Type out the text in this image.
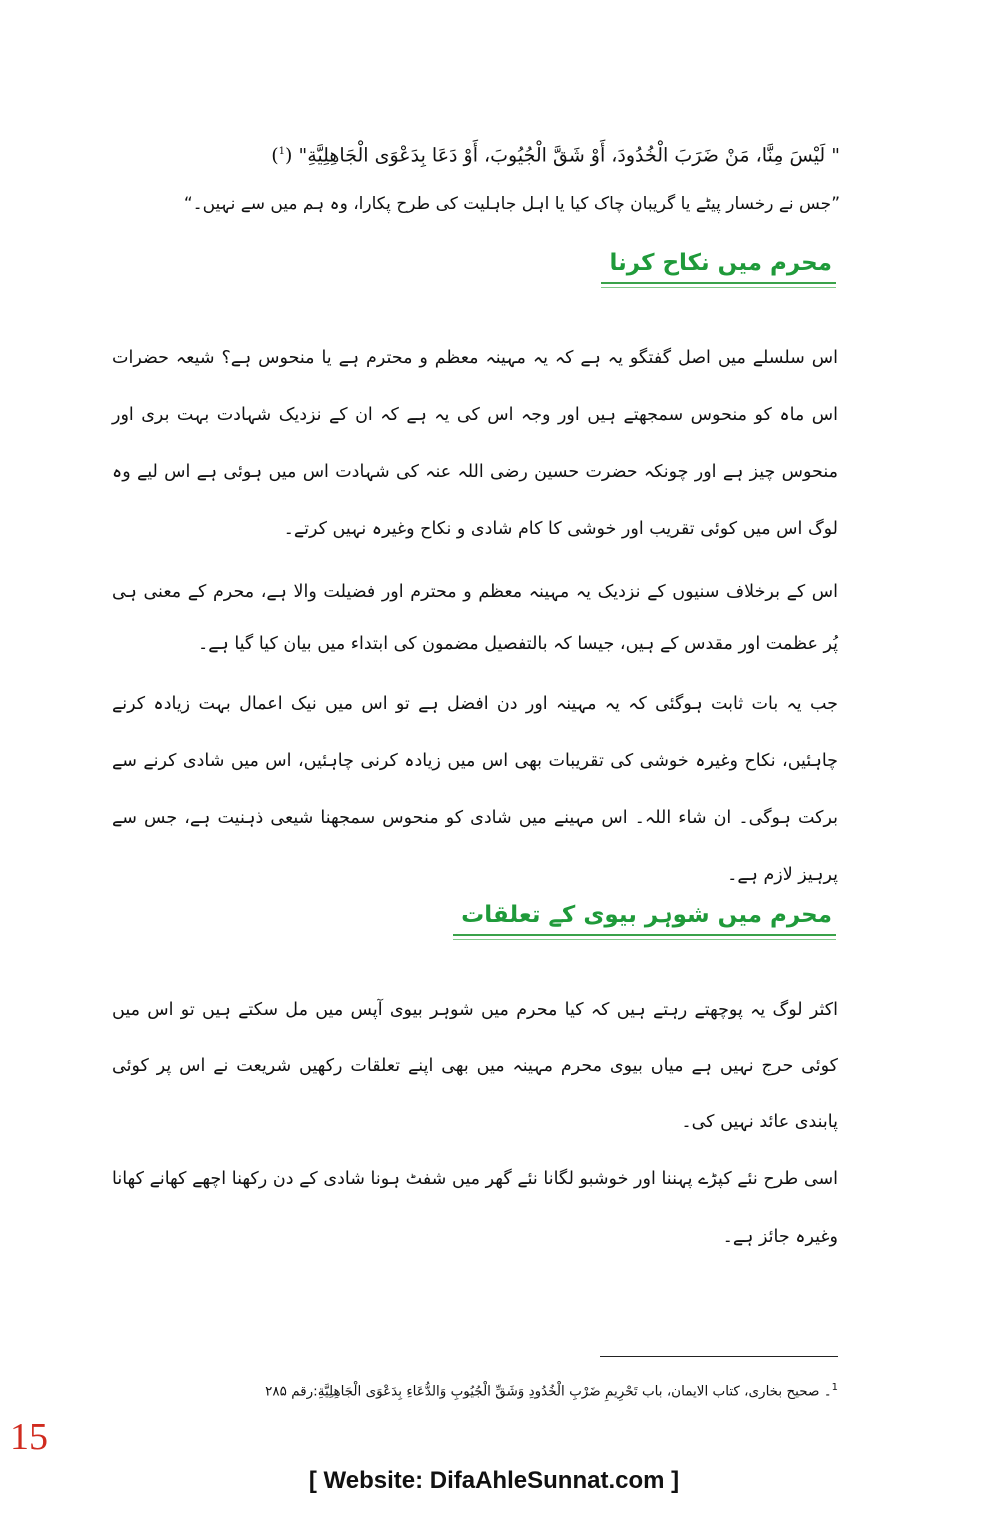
" لَيْسَ مِنَّا، مَنْ ضَرَبَ الْخُدُودَ، أَوْ شَقَّ الْجُيُوبَ، أَوْ دَعَا بِدَعْوَى الْجَاهِلِيَّةِ" ($^1$)
”جس نے رخسار پیٹے یا گریبان چاک کیا یا اہل جاہلیت کی طرح پکارا، وہ ہم میں سے نہیں۔“
محرم میں نکاح کرنا

اس سلسلے میں اصل گفتگو یہ ہے کہ یہ مہینہ معظم و محترم ہے یا منحوس ہے؟ شیعہ حضرات اس ماہ کو منحوس سمجھتے ہیں اور وجہ اس کی یہ ہے کہ ان کے نزدیک شہادت بہت بری اور منحوس چیز ہے اور چونکہ حضرت حسین رضی اللہ عنہ کی شہادت اس میں ہوئی ہے اس لیے وہ لوگ اس میں کوئی تقریب اور خوشی کا کام شادی و نکاح وغیرہ نہیں کرتے۔

اس کے برخلاف سنیوں کے نزدیک یہ مہینہ معظم و محترم اور فضیلت والا ہے، محرم کے معنی ہی پُر عظمت اور مقدس کے ہیں، جیسا کہ بالتفصیل مضمون کی ابتداء میں بیان کیا گیا ہے۔

جب یہ بات ثابت ہوگئی کہ یہ مہینہ اور دن افضل ہے تو اس میں نیک اعمال بہت زیادہ کرنے چاہئیں، نکاح وغیرہ خوشی کی تقریبات بھی اس میں زیادہ کرنی چاہئیں، اس میں شادی کرنے سے برکت ہوگی۔ ان شاء اللہ۔ اس مہینے میں شادی کو منحوس سمجھنا شیعی ذہنیت ہے، جس سے پرہیز لازم ہے۔

محرم میں شوہر بیوی کے تعلقات

اکثر لوگ یہ پوچھتے رہتے ہیں کہ کیا محرم میں شوہر بیوی آپس میں مل سکتے ہیں تو اس میں کوئی حرج نہیں ہے میاں بیوی محرم مہینہ میں بھی اپنے تعلقات رکھیں شریعت نے اس پر کوئی پابندی عائد نہیں کی۔

اسی طرح نئے کپڑے پہننا اور خوشبو لگانا نئے گھر میں شفٹ ہونا شادی کے دن رکھنا اچھے کھانے کھانا وغیرہ جائز ہے۔

$^1$۔ صحیح بخاری، کتاب الایمان، باب تَحْرِيمِ ضَرْبِ الْخُدُودِ وَشَقِّ الْجُيُوبِ وَالدُّعَاءِ بِدَعْوَى الْجَاهِلِيَّةِ:رقم ۲۸۵
15
[ Website: DifaAhleSunnat.com ]
